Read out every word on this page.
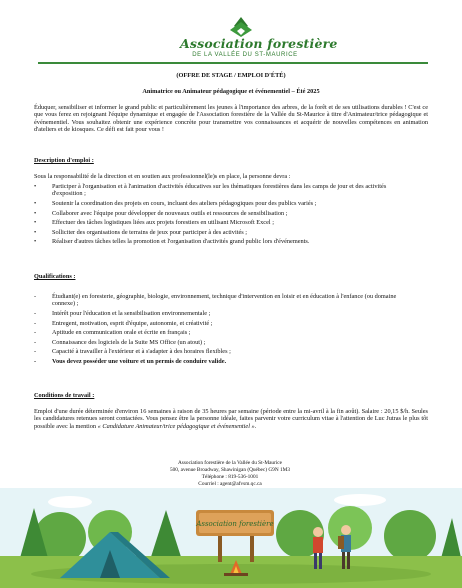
Association forestière
DE LA VALLÉE DU ST-MAURICE
(OFFRE DE STAGE / EMPLOI D'ÉTÉ)
Animatrice ou Animateur pédagogique et événementiel – Été 2025
Éduquer, sensibiliser et informer le grand public et particulièrement les jeunes à l'importance des arbres, de la forêt et de ses utilisations durables ! C'est ce que vous ferez en rejoignant l'équipe dynamique et engagée de l'Association forestière de la Vallée du St-Maurice à titre d'Animateur/trice pédagogique et événementiel. Vous souhaitez obtenir une expérience concrète pour transmettre vos connaissances et acquérir de nouvelles compétences en animation d'ateliers et de kiosques. Ce défi est fait pour vous !
Description d'emploi :
Sous la responsabilité de la direction et en soutien aux professionnel(le)s en place, la personne devra :
•	Participer à l'organisation et à l'animation d'activités éducatives sur les thématiques forestières dans les camps de jour et des activités d'exposition ;
•	Soutenir la coordination des projets en cours, incluant des ateliers pédagogiques pour des publics variés ;
•	Collaborer avec l'équipe pour développer de nouveaux outils et ressources de sensibilisation ;
•	Effectuer des tâches logistiques liées aux projets forestiers en utilisant Microsoft Excel ;
•	Solliciter des organisations de terrains de jeux pour participer à des activités ;
•	Réaliser d'autres tâches telles la promotion et l'organisation d'activités grand public lors d'événements.
Qualifications :
-	Étudiant(e) en foresterie, géographie, biologie, environnement, technique d'intervention en loisir et en éducation à l'enfance (ou domaine connexe) ;
-	Intérêt pour l'éducation et la sensibilisation environnementale ;
-	Entregent, motivation, esprit d'équipe, autonomie, et créativité ;
-	Aptitude en communication orale et écrite en français ;
-	Connaissance des logiciels de la Suite MS Office (un atout) ;
-	Capacité à travailler à l'extérieur et à s'adapter à des horaires flexibles ;
-	Vous devez posséder une voiture et un permis de conduire valide.
Conditions de travail :
Emploi d'une durée déterminée d'environ 16 semaines à raison de 35 heures par semaine (période entre la mi-avril à la fin août). Salaire : 20,15 $/h. Seules les candidatures retenues seront contactées. Vous pensez être la personne idéale, faites parvenir votre curriculum vitae à l'attention de Luc Jutras le plus tôt possible avec la mention « Candidature Animateur/trice pédagogique et événementiel ».
Association forestière de la Vallée du St-Maurice
500, avenue Broadway, Shawinigan (Québec) G9N 1M3
Téléphone : 819-536-1001
Courriel : agent@afvsm.qc.ca
Association forestière
